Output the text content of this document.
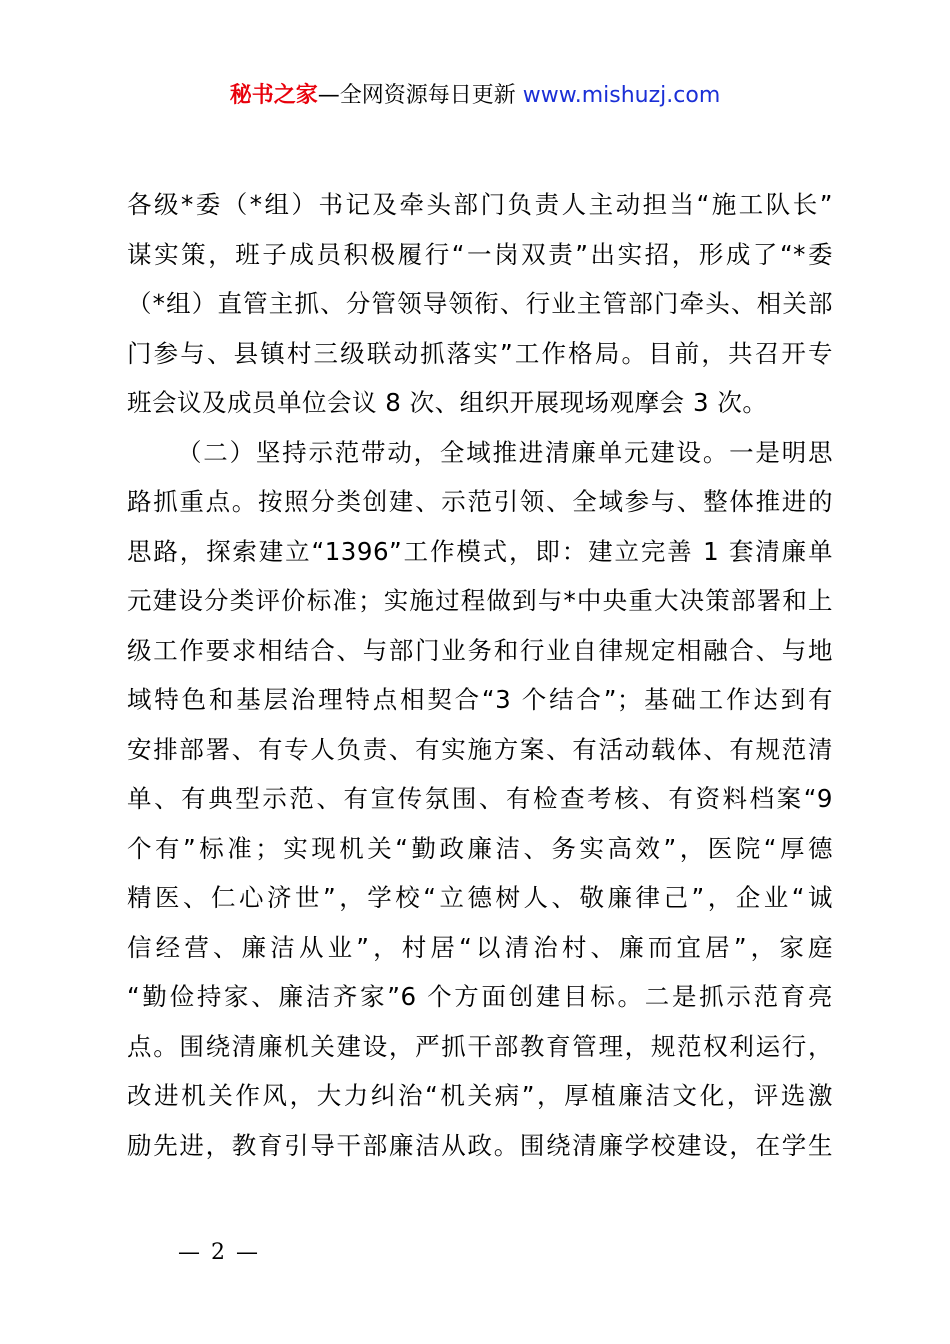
秘书之家—全网资源每日更新 www.mishuzj.com
各级*委（*组）书记及牵头部门负责人主动担当“施工队长”
谋实策，班子成员积极履行“一岗双责”出实招，形成了“*委
（*组）直管主抓、分管领导领衔、行业主管部门牵头、相关部
门参与、县镇村三级联动抓落实”工作格局。目前，共召开专
班会议及成员单位会议 8 次、组织开展现场观摩会 3 次。
（二）坚持示范带动，全域推进清廉单元建设。一是明思
路抓重点。按照分类创建、示范引领、全域参与、整体推进的
思路，探索建立“1396”工作模式，即：建立完善 1 套清廉单
元建设分类评价标准；实施过程做到与*中央重大决策部署和上
级工作要求相结合、与部门业务和行业自律规定相融合、与地
域特色和基层治理特点相契合“3 个结合”；基础工作达到有
安排部署、有专人负责、有实施方案、有活动载体、有规范清
单、有典型示范、有宣传氛围、有检查考核、有资料档案“9
个有”标准；实现机关“勤政廉洁、务实高效”，医院“厚德
精医、仁心济世”，学校“立德树人、敬廉律己”，企业“诚
信经营、廉洁从业”，村居“以清治村、廉而宜居”，家庭
“勤俭持家、廉洁齐家”6 个方面创建目标。二是抓示范育亮
点。围绕清廉机关建设，严抓干部教育管理，规范权利运行，
改进机关作风，大力纠治“机关病”，厚植廉洁文化，评选激
励先进，教育引导干部廉洁从政。围绕清廉学校建设，在学生
— 2 —
